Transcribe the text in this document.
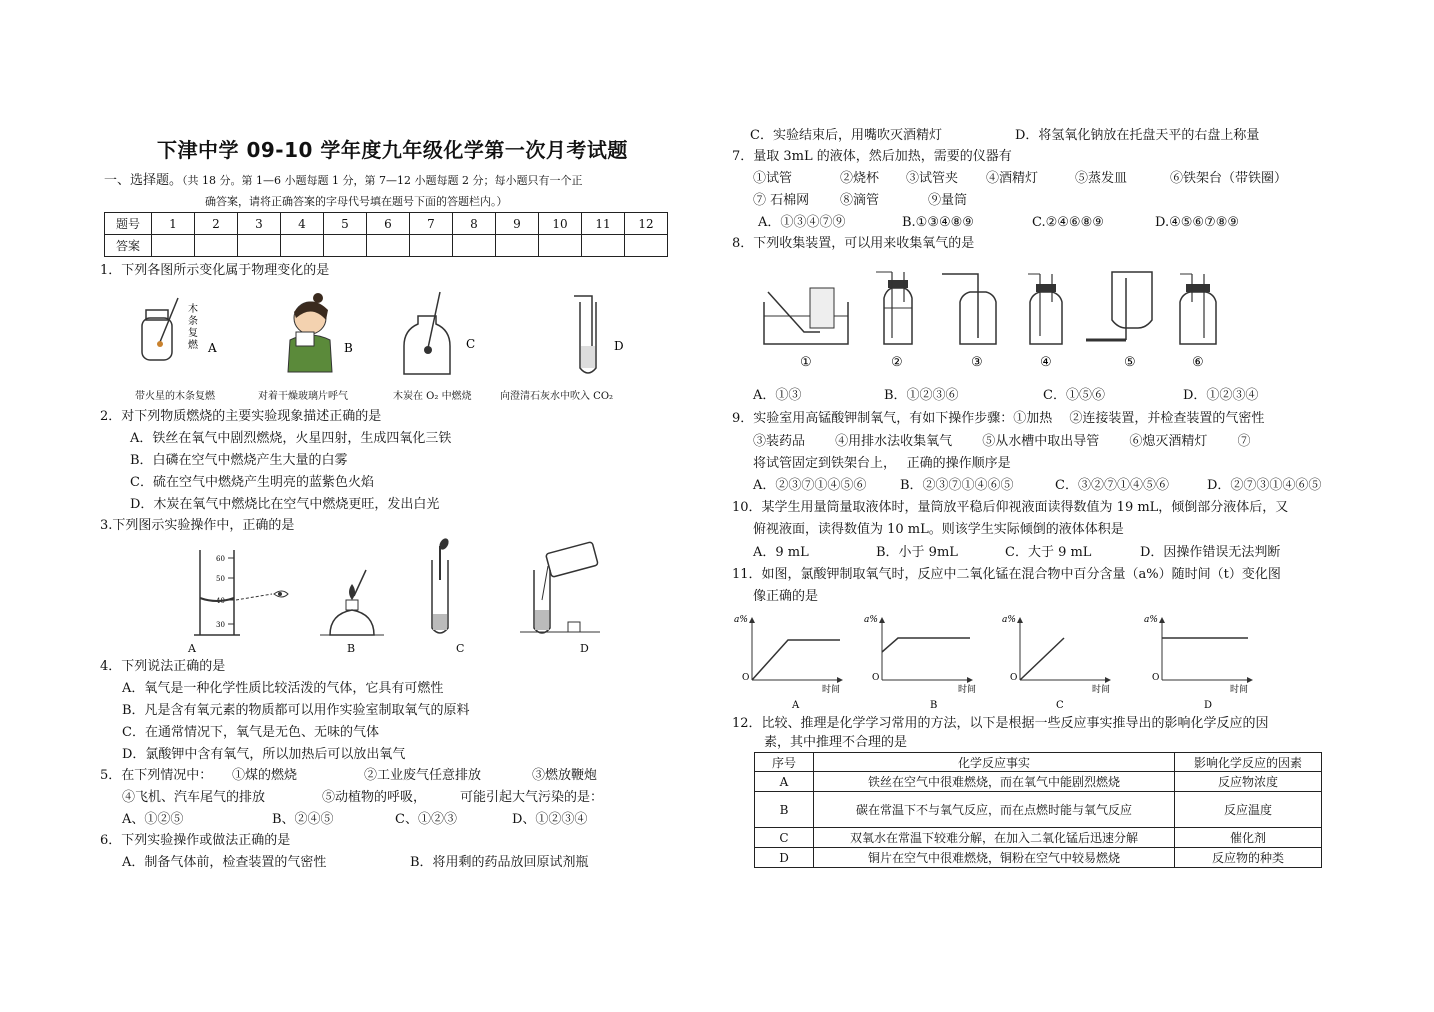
下津中学 09-10 学年度九年级化学第一次月考试题
一、选择题。（共 18 分。第 1—6 小题每题 1 分，第 7—12 小题每题 2 分；每小题只有一个正
确答案，请将正确答案的字母代号填在题号下面的答题栏内。）
题号	1	2	3	4	5	6	7	8	9	10	11	12
答案												
1．下列各图所示变化属于物理变化的是
木
条
复
燃 A	B	C	D
带火星的木条复燃	对着干燥玻璃片呼气	木炭在 O₂ 中燃烧	向澄清石灰水中吹入 CO₂
2．对下列物质燃烧的主要实验现象描述正确的是
A．铁丝在氧气中剧烈燃烧，火星四射，生成四氧化三铁
B．白磷在空气中燃烧产生大量的白雾
C．硫在空气中燃烧产生明亮的蓝紫色火焰
D．木炭在氧气中燃烧比在空气中燃烧更旺，发出白光
3.下列图示实验操作中，正确的是
60
50
40
30
A	B	C	D
4．下列说法正确的是
A．氧气是一种化学性质比较活泼的气体，它具有可燃性
B．凡是含有氧元素的物质都可以用作实验室制取氧气的原料
C．在通常情况下，氧气是无色、无味的气体
D．氯酸钾中含有氧气，所以加热后可以放出氧气
5．在下列情况中： ①煤的燃烧	②工业废气任意排放	③燃放鞭炮
④飞机、汽车尾气的排放	⑤动植物的呼吸，	可能引起大气污染的是：
A、①②⑤	B、②④⑤	C、①②③	D、①②③④
6．下列实验操作或做法正确的是
A．制备气体前，检查装置的气密性	B．将用剩的药品放回原试剂瓶
C．实验结束后，用嘴吹灭酒精灯	D．将氢氧化钠放在托盘天平的右盘上称量
7．量取 3mL 的液体，然后加热，需要的仪器有
①试管	②烧杯 ③试管夹 ④酒精灯	⑤蒸发皿	⑥铁架台（带铁圈）
⑦ 石棉网 ⑧滴管	⑨量筒
A．①③④⑦⑨	B.①③④⑧⑨	C.②④⑥⑧⑨	D.④⑤⑥⑦⑧⑨
8．下列收集装置，可以用来收集氧气的是
①	②	③	④	⑤	⑥
A．①③	B．①②③⑥	C．①⑤⑥	D．①②③④
9．实验室用高锰酸钾制氧气，有如下操作步骤：①加热　 ②连接装置，并检查装置的气密性
③装药品　　 ④用排水法收集氧气　　 ⑤从水槽中取出导管　　 ⑥熄灭酒精灯　　 ⑦
将试管固定到铁架台上，　 正确的操作顺序是
A．②③⑦①④⑤⑥	B．②③⑦①④⑥⑤	C．③②⑦①④⑤⑥	D．②⑦③①④⑥⑤
10．某学生用量筒量取液体时，量筒放平稳后仰视液面读得数值为 19 mL，倾倒部分液体后，又
俯视液面，读得数值为 10 mL。则该学生实际倾倒的液体体积是
A．9 mL	B．小于 9mL	C．大于 9 mL	D．因操作错误无法判断
11．如图，氯酸钾制取氧气时，反应中二氧化锰在混合物中百分含量（a%）随时间（t）变化图
像正确的是
a%
O
时间
A
a%
O
时间
B
a%
O
时间
C
a%
O
时间
D
12．比较、推理是化学学习常用的方法，以下是根据一些反应事实推导出的影响化学反应的因
素，其中推理不合理的是
序号	化学反应事实	影响化学反应的因素
A	铁丝在空气中很难燃烧，而在氧气中能剧烈燃烧	反应物浓度
B	碳在常温下不与氧气反应，而在点燃时能与氧气反应	反应温度
C	双氧水在常温下较难分解，在加入二氧化锰后迅速分解	催化剂
D	铜片在空气中很难燃烧，铜粉在空气中较易燃烧	反应物的种类
